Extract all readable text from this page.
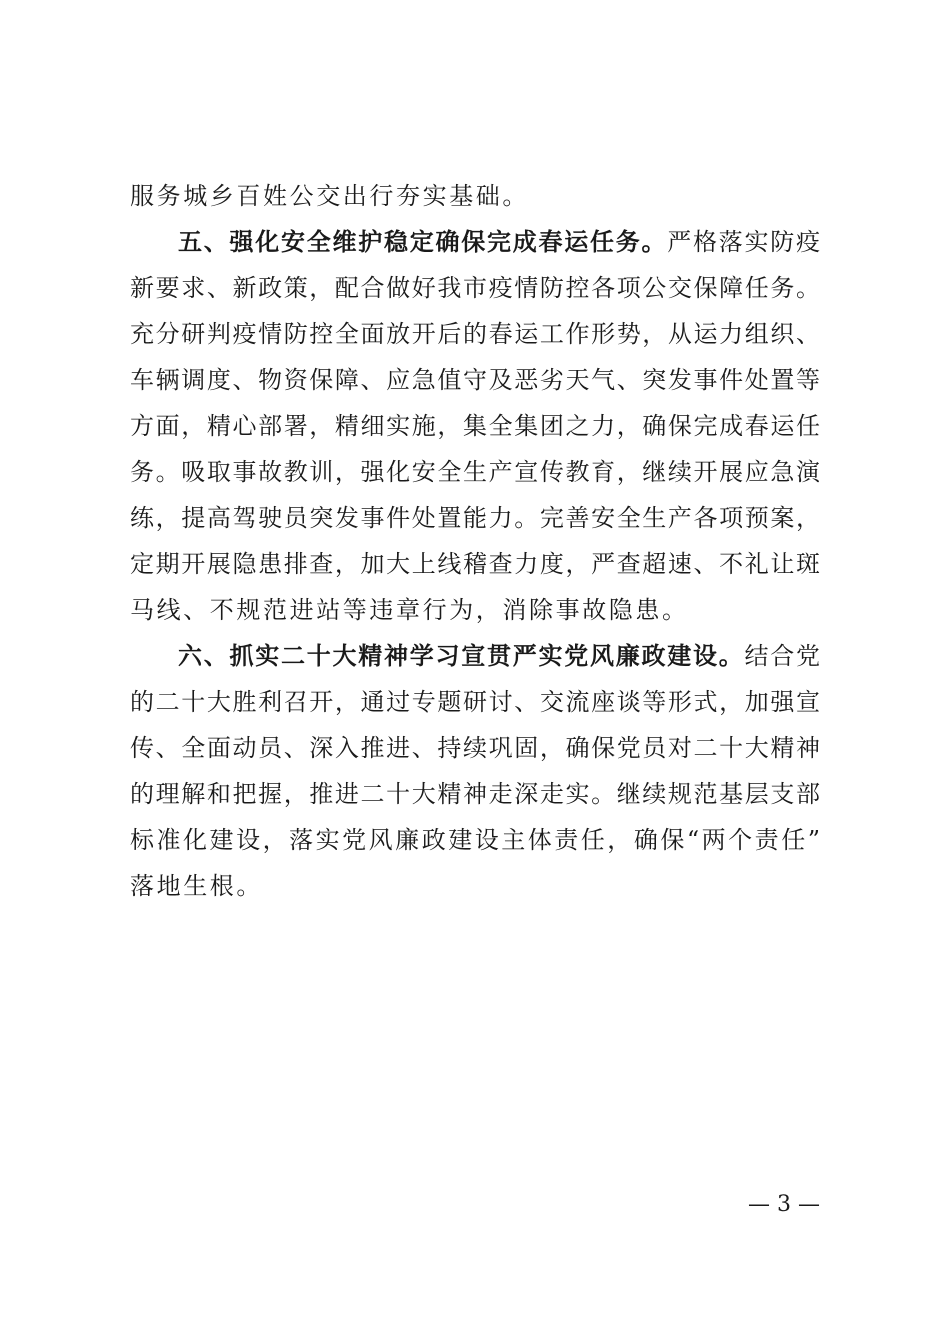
服务城乡百姓公交出行夯实基础。
五、强化安全维护稳定确保完成春运任务。严格落实防疫
新要求、新政策，配合做好我市疫情防控各项公交保障任务。
充分研判疫情防控全面放开后的春运工作形势，从运力组织、
车辆调度、物资保障、应急值守及恶劣天气、突发事件处置等
方面，精心部署，精细实施，集全集团之力，确保完成春运任
务。吸取事故教训，强化安全生产宣传教育，继续开展应急演
练，提高驾驶员突发事件处置能力。完善安全生产各项预案，
定期开展隐患排查，加大上线稽查力度，严查超速、不礼让斑
马线、不规范进站等违章行为，消除事故隐患。
六、抓实二十大精神学习宣贯严实党风廉政建设。结合党
的二十大胜利召开，通过专题研讨、交流座谈等形式，加强宣
传、全面动员、深入推进、持续巩固，确保党员对二十大精神
的理解和把握，推进二十大精神走深走实。继续规范基层支部
标准化建设，落实党风廉政建设主体责任，确保“两个责任”
落地生根。
— 3 —
